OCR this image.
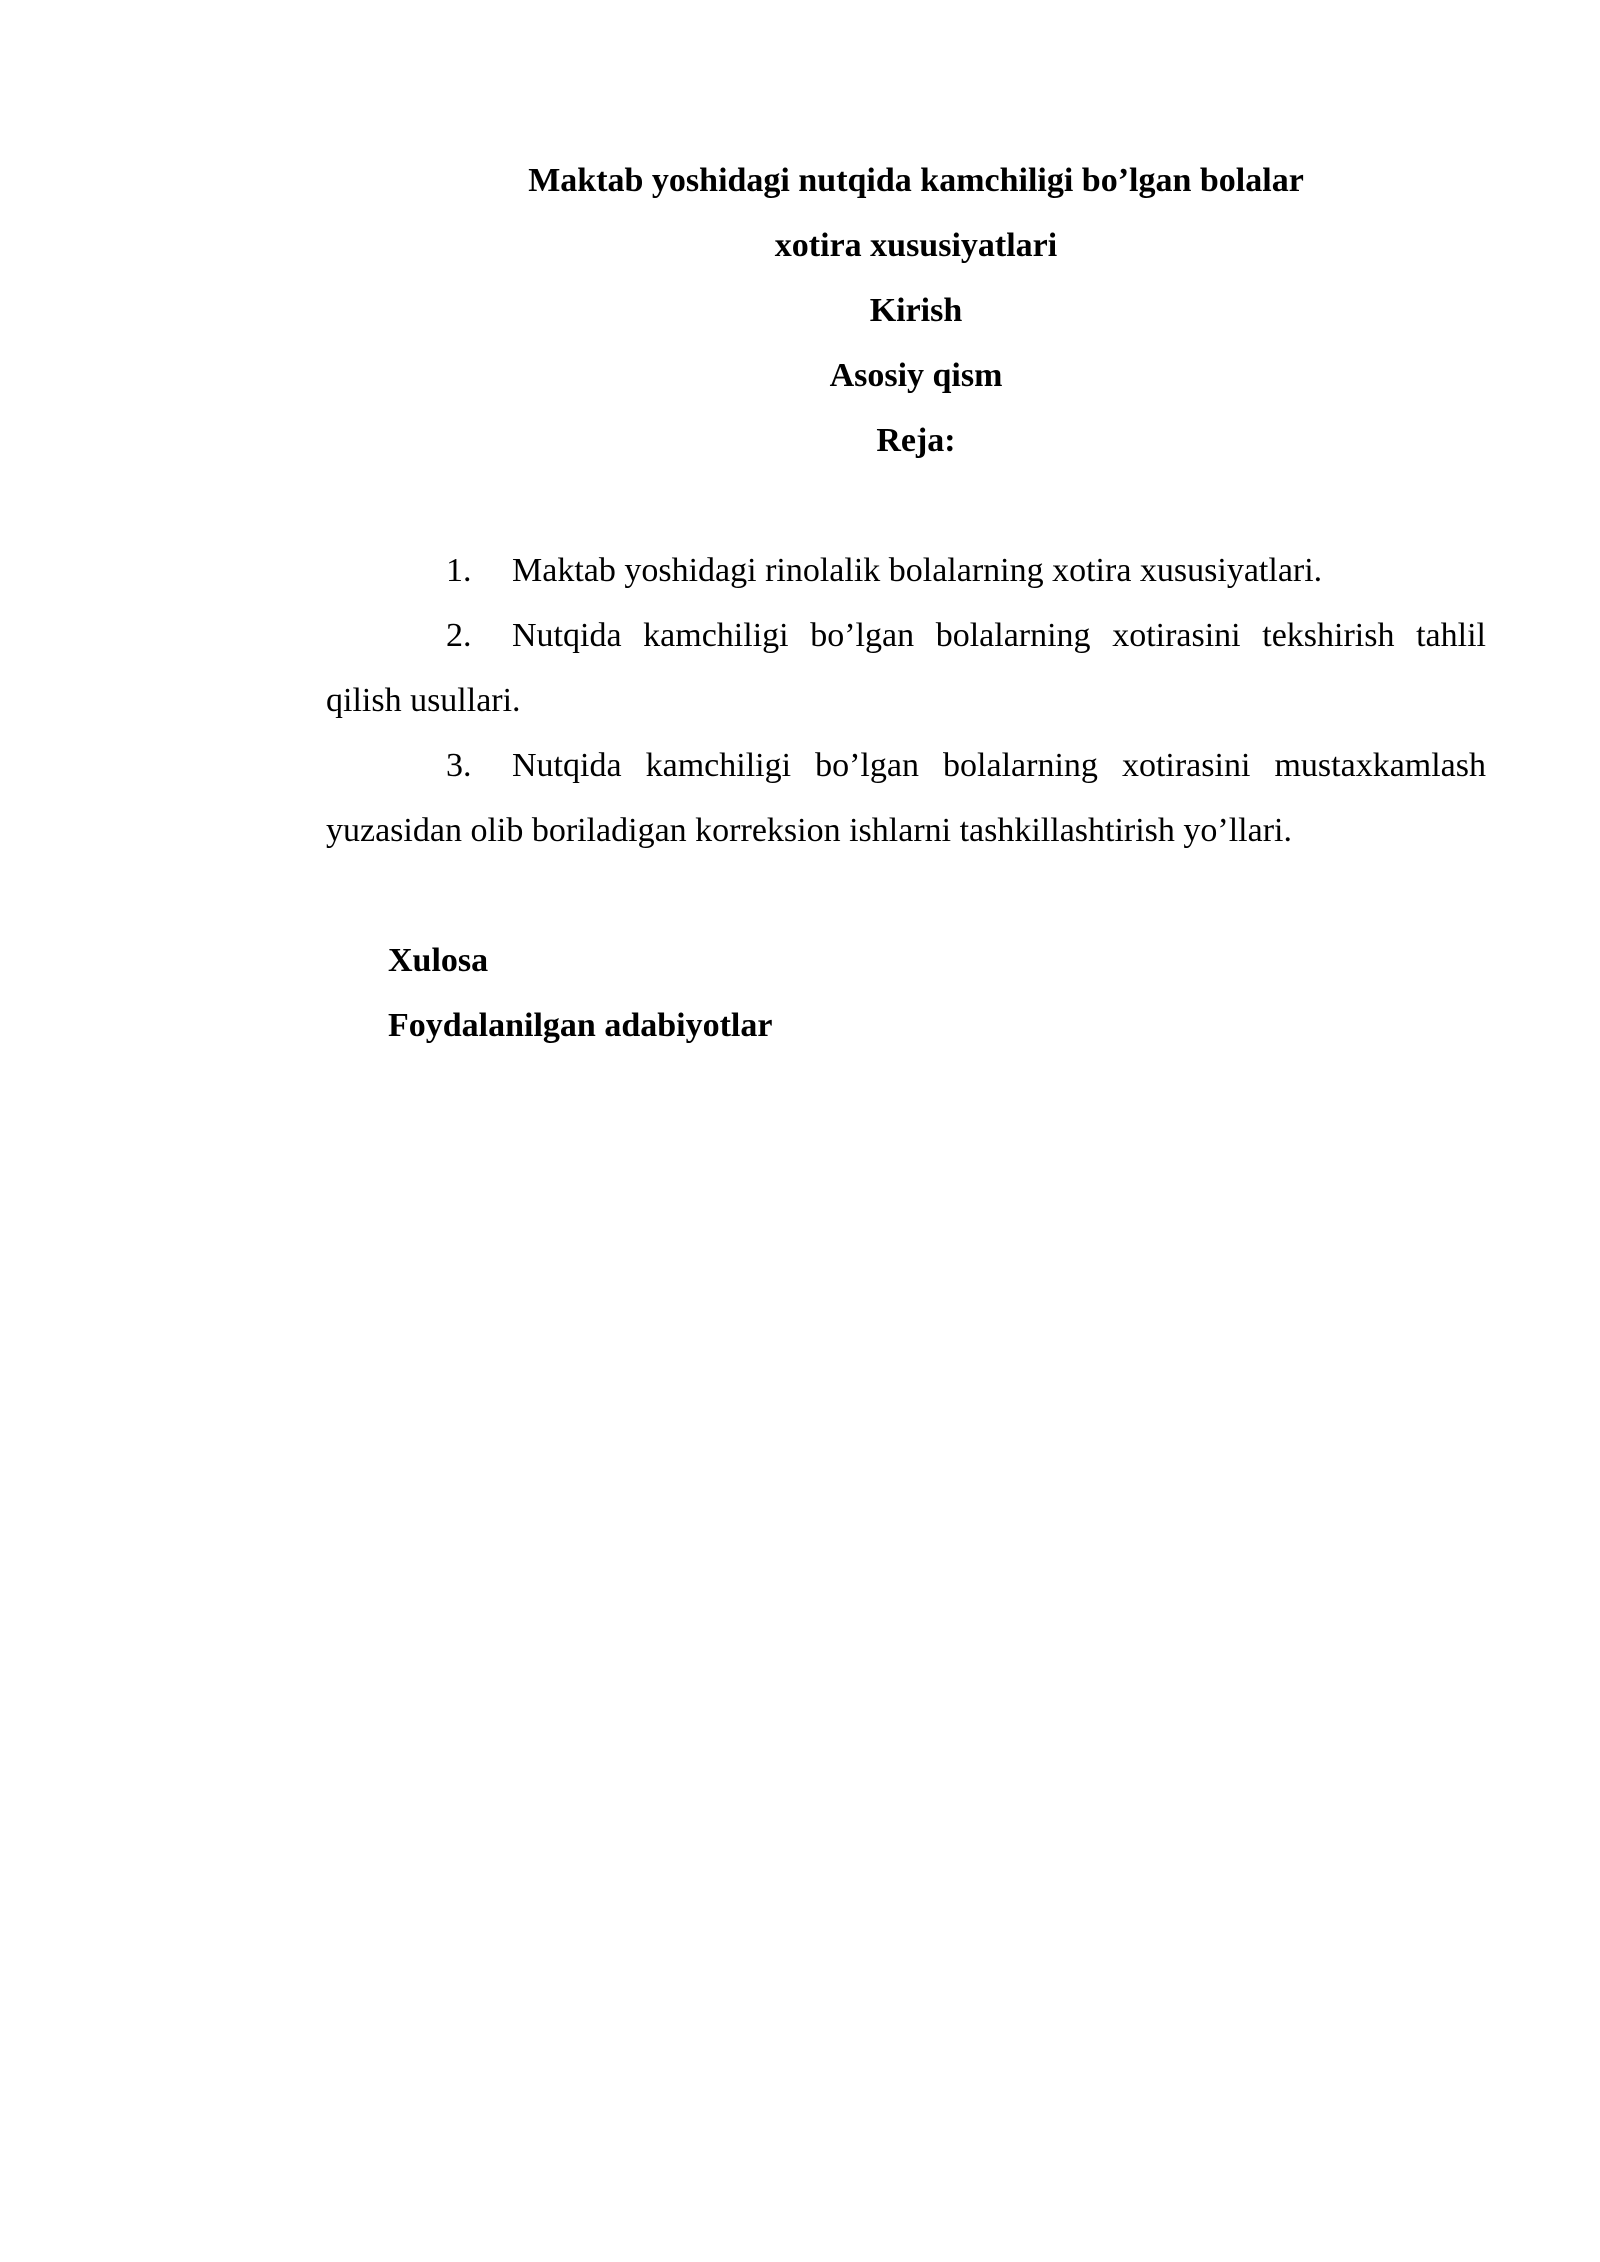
Maktab yoshidagi nutqida kamchiligi bo’lgan bolalar

xotira xususiyatlari

Kirish

Asosiy qism

Reja:

1. Maktab yoshidagi rinolalik bolalarning xotira xususiyatlari.

2. Nutqida kamchiligi bo’lgan bolalarning xotirasini tekshirish tahlil qilish usullari.

3. Nutqida kamchiligi bo’lgan bolalarning xotirasini mustaxkamlash yuzasidan olib boriladigan korreksion ishlarni tashkillashtirish yo’llari.

Xulosa

Foydalanilgan adabiyotlar
